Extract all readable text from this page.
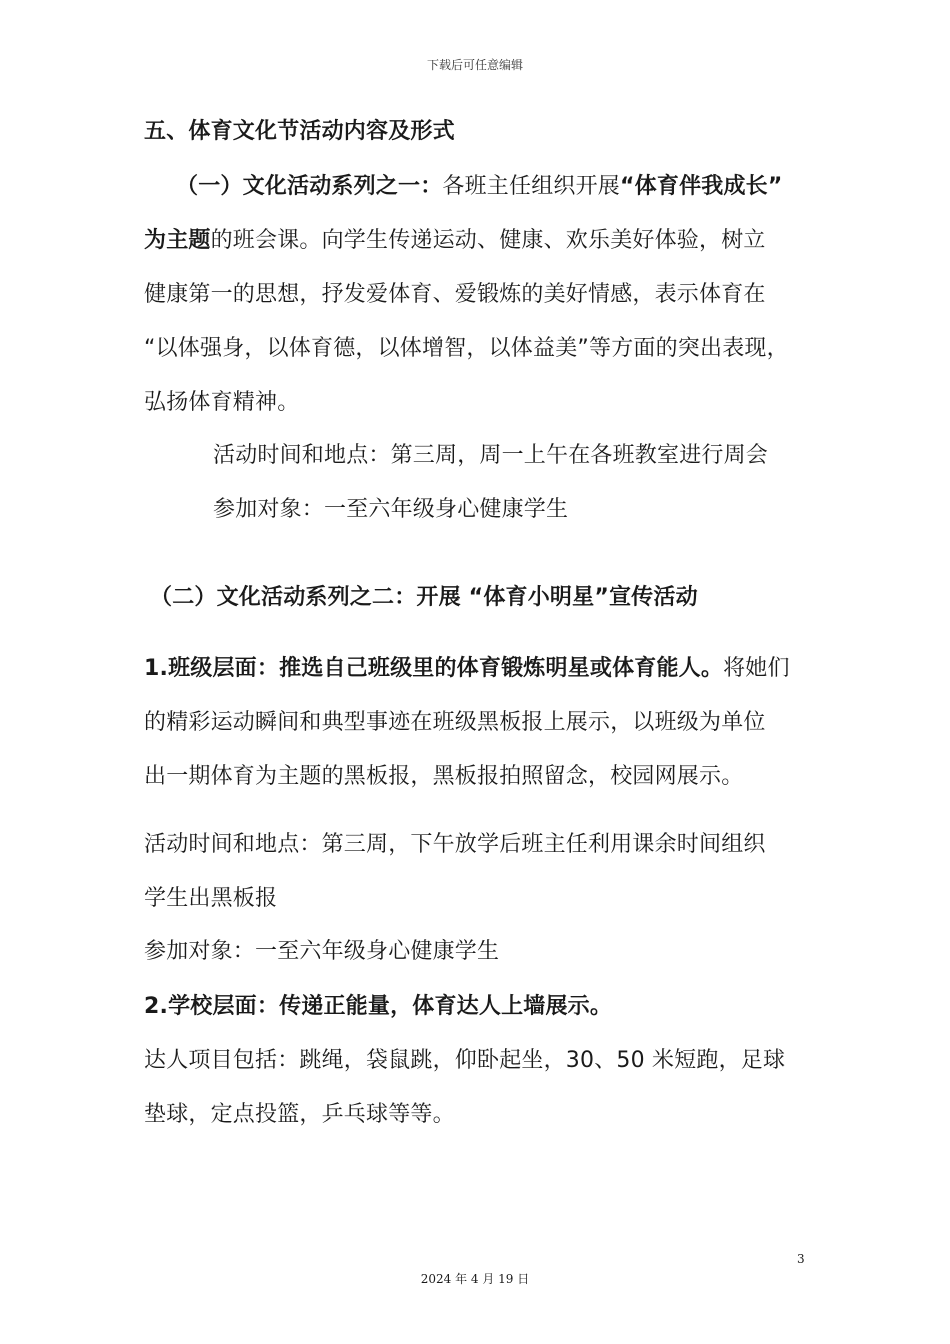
下载后可任意编辑
五、体育文化节活动内容及形式
（一）文化活动系列之一：各班主任组织开展“体育伴我成长”
为主题的班会课。向学生传递运动、健康、欢乐美好体验，树立
健康第一的思想，抒发爱体育、爱锻炼的美好情感，表示体育在
“以体强身，以体育德，以体增智，以体益美”等方面的突出表现，
弘扬体育精神。
活动时间和地点：第三周，周一上午在各班教室进行周会
参加对象：一至六年级身心健康学生
（二）文化活动系列之二：开展 “体育小明星”宣传活动
1.班级层面：推选自己班级里的体育锻炼明星或体育能人。将她们
的精彩运动瞬间和典型事迹在班级黑板报上展示，以班级为单位
出一期体育为主题的黑板报，黑板报拍照留念，校园网展示。
活动时间和地点：第三周，下午放学后班主任利用课余时间组织
学生出黑板报
参加对象：一至六年级身心健康学生
2.学校层面：传递正能量，体育达人上墙展示。
达人项目包括：跳绳，袋鼠跳，仰卧起坐，30、50 米短跑，足球
垫球，定点投篮，乒乓球等等。
3
2024 年 4 月 19 日
